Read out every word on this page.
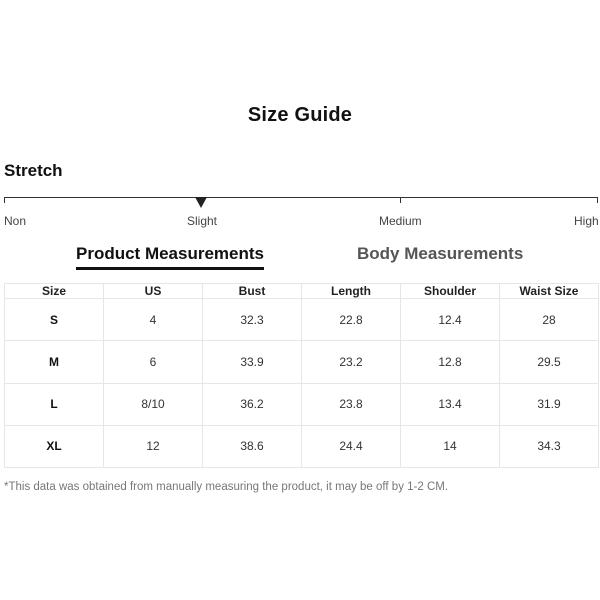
Size Guide
Stretch
Non	Slight	Medium	High
Product Measurements	Body Measurements
Size	US	Bust	Length	Shoulder	Waist Size
S	4	32.3	22.8	12.4	28
M	6	33.9	23.2	12.8	29.5
L	8/10	36.2	23.8	13.4	31.9
XL	12	38.6	24.4	14	34.3
*This data was obtained from manually measuring the product, it may be off by 1-2 CM.
